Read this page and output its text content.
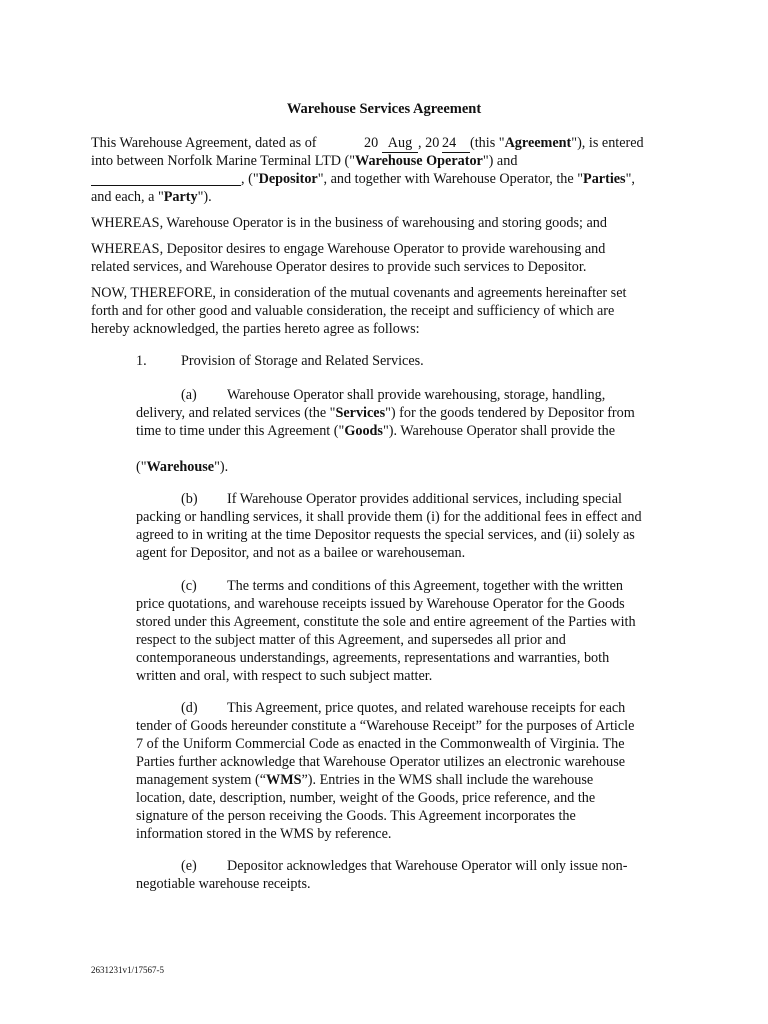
Warehouse Services Agreement
This Warehouse Agreement, dated as of	20 Aug , 20 24 (this "Agreement"), is entered
into between Norfolk Marine Terminal LTD ("Warehouse Operator") and
, ("Depositor", and together with Warehouse Operator, the "Parties",
and each, a "Party").
WHEREAS, Warehouse Operator is in the business of warehousing and storing goods; and
WHEREAS, Depositor desires to engage Warehouse Operator to provide warehousing and
related services, and Warehouse Operator desires to provide such services to Depositor.
NOW, THEREFORE, in consideration of the mutual covenants and agreements hereinafter set
forth and for other good and valuable consideration, the receipt and sufficiency of which are
hereby acknowledged, the parties hereto agree as follows:
1. Provision of Storage and Related Services.
(a) Warehouse Operator shall provide warehousing, storage, handling,
delivery, and related services (the "Services") for the goods tendered by Depositor from
time to time under this Agreement ("Goods"). Warehouse Operator shall provide the
("Warehouse").
(b) If Warehouse Operator provides additional services, including special
packing or handling services, it shall provide them (i) for the additional fees in effect and
agreed to in writing at the time Depositor requests the special services, and (ii) solely as
agent for Depositor, and not as a bailee or warehouseman.
(c) The terms and conditions of this Agreement, together with the written
price quotations, and warehouse receipts issued by Warehouse Operator for the Goods
stored under this Agreement, constitute the sole and entire agreement of the Parties with
respect to the subject matter of this Agreement, and supersedes all prior and
contemporaneous understandings, agreements, representations and warranties, both
written and oral, with respect to such subject matter.
(d) This Agreement, price quotes, and related warehouse receipts for each
tender of Goods hereunder constitute a “Warehouse Receipt” for the purposes of Article
7 of the Uniform Commercial Code as enacted in the Commonwealth of Virginia. The
Parties further acknowledge that Warehouse Operator utilizes an electronic warehouse
management system (“WMS”). Entries in the WMS shall include the warehouse
location, date, description, number, weight of the Goods, price reference, and the
signature of the person receiving the Goods. This Agreement incorporates the
information stored in the WMS by reference.
(e) Depositor acknowledges that Warehouse Operator will only issue non-
negotiable warehouse receipts.
2631231v1/17567-5
